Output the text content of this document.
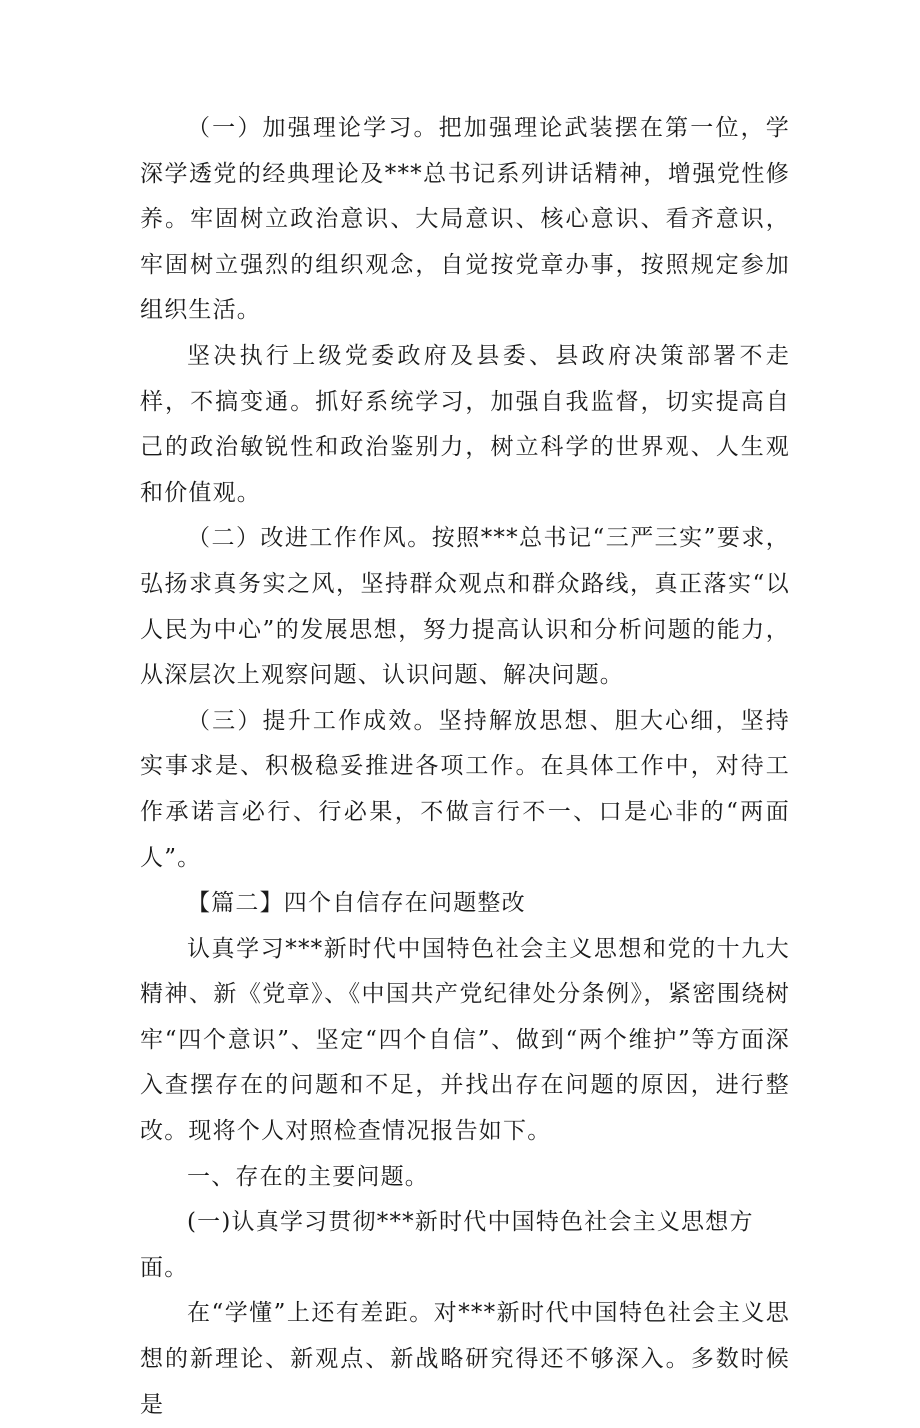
（一）加强理论学习。把加强理论武装摆在第一位，学深学透党的经典理论及***总书记系列讲话精神，增强党性修养。牢固树立政治意识、大局意识、核心意识、看齐意识，牢固树立强烈的组织观念，自觉按党章办事，按照规定参加组织生活。

坚决执行上级党委政府及县委、县政府决策部署不走样，不搞变通。抓好系统学习，加强自我监督，切实提高自己的政治敏锐性和政治鉴别力，树立科学的世界观、人生观和价值观。

（二）改进工作作风。按照***总书记“三严三实”要求，弘扬求真务实之风，坚持群众观点和群众路线，真正落实“以人民为中心”的发展思想，努力提高认识和分析问题的能力，从深层次上观察问题、认识问题、解决问题。

（三）提升工作成效。坚持解放思想、胆大心细，坚持实事求是、积极稳妥推进各项工作。在具体工作中，对待工作承诺言必行、行必果，不做言行不一、口是心非的“两面人”。

【篇二】四个自信存在问题整改

认真学习***新时代中国特色社会主义思想和党的十九大精神、新《党章》、《中国共产党纪律处分条例》，紧密围绕树牢“四个意识”、坚定“四个自信”、做到“两个维护”等方面深入查摆存在的问题和不足，并找出存在问题的原因，进行整改。现将个人对照检查情况报告如下。

一、存在的主要问题。

(一)认真学习贯彻***新时代中国特色社会主义思想方面。

在“学懂”上还有差距。对***新时代中国特色社会主义思想的新理论、新观点、新战略研究得还不够深入。多数时候是
